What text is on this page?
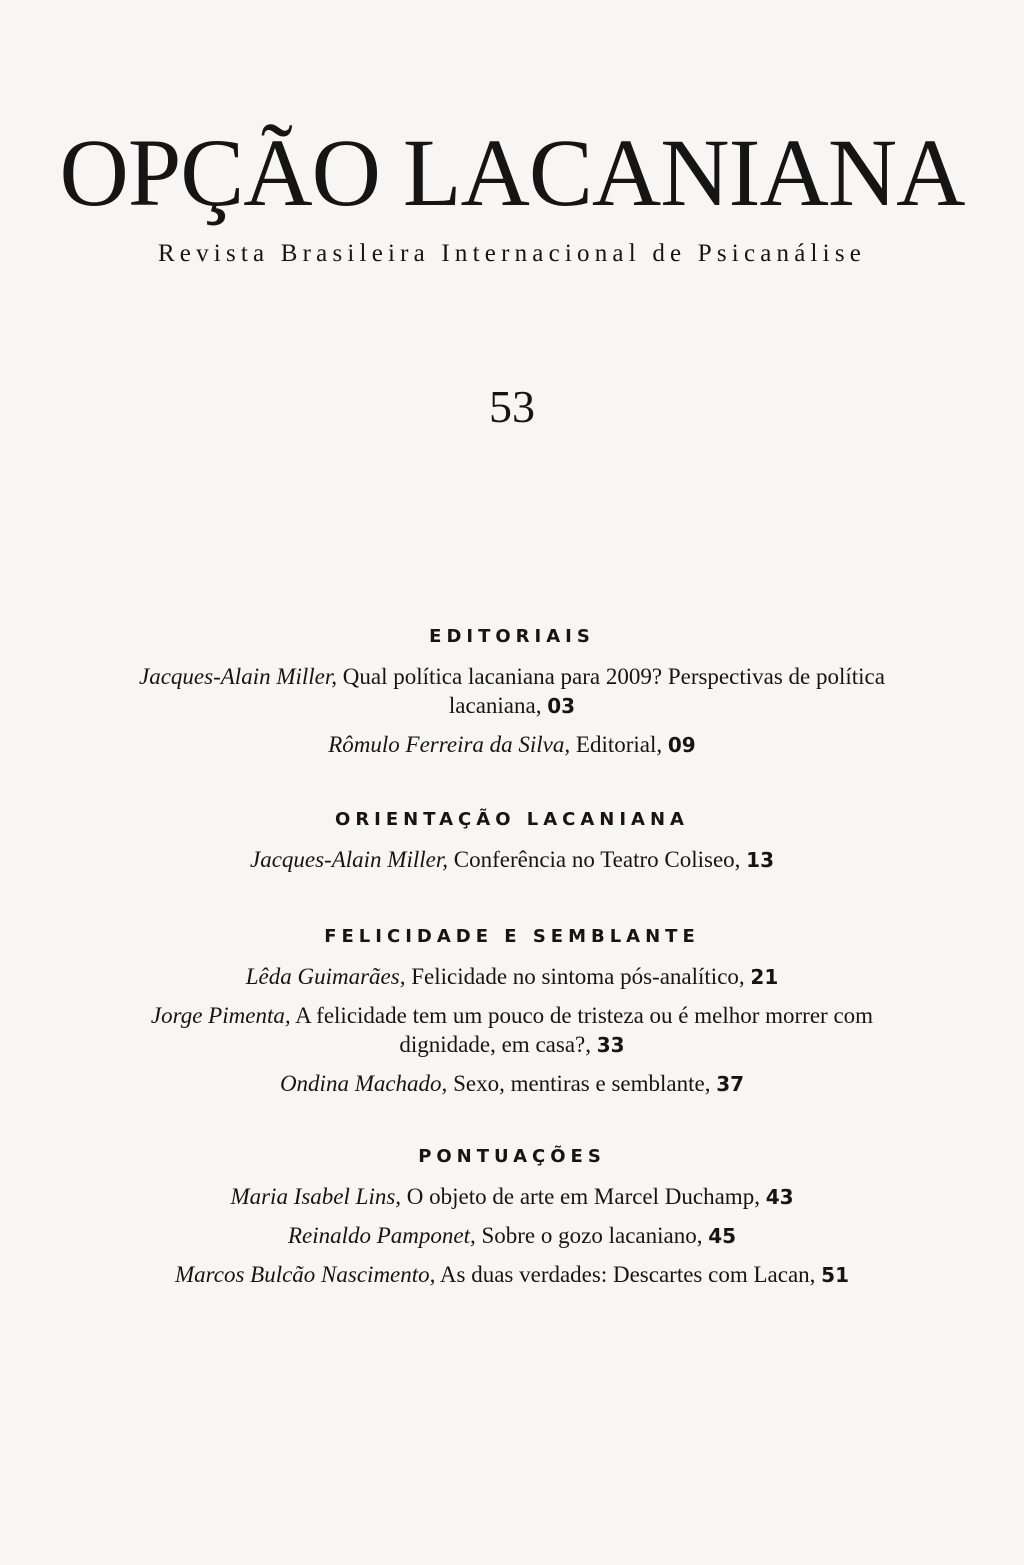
OPÇÃO LACANIANA
Revista Brasileira Internacional de Psicanálise
53
EDITORIAIS
Jacques-Alain Miller, Qual política lacaniana para 2009? Perspectivas de política lacaniana, 03
Rômulo Ferreira da Silva, Editorial, 09
ORIENTAÇÃO LACANIANA
Jacques-Alain Miller, Conferência no Teatro Coliseo, 13
FELICIDADE E SEMBLANTE
Lêda Guimarães, Felicidade no sintoma pós-analítico, 21
Jorge Pimenta, A felicidade tem um pouco de tristeza ou é melhor morrer com dignidade, em casa?, 33
Ondina Machado, Sexo, mentiras e semblante, 37
PONTUAÇÕES
Maria Isabel Lins, O objeto de arte em Marcel Duchamp, 43
Reinaldo Pamponet, Sobre o gozo lacaniano, 45
Marcos Bulcão Nascimento, As duas verdades: Descartes com Lacan, 51
